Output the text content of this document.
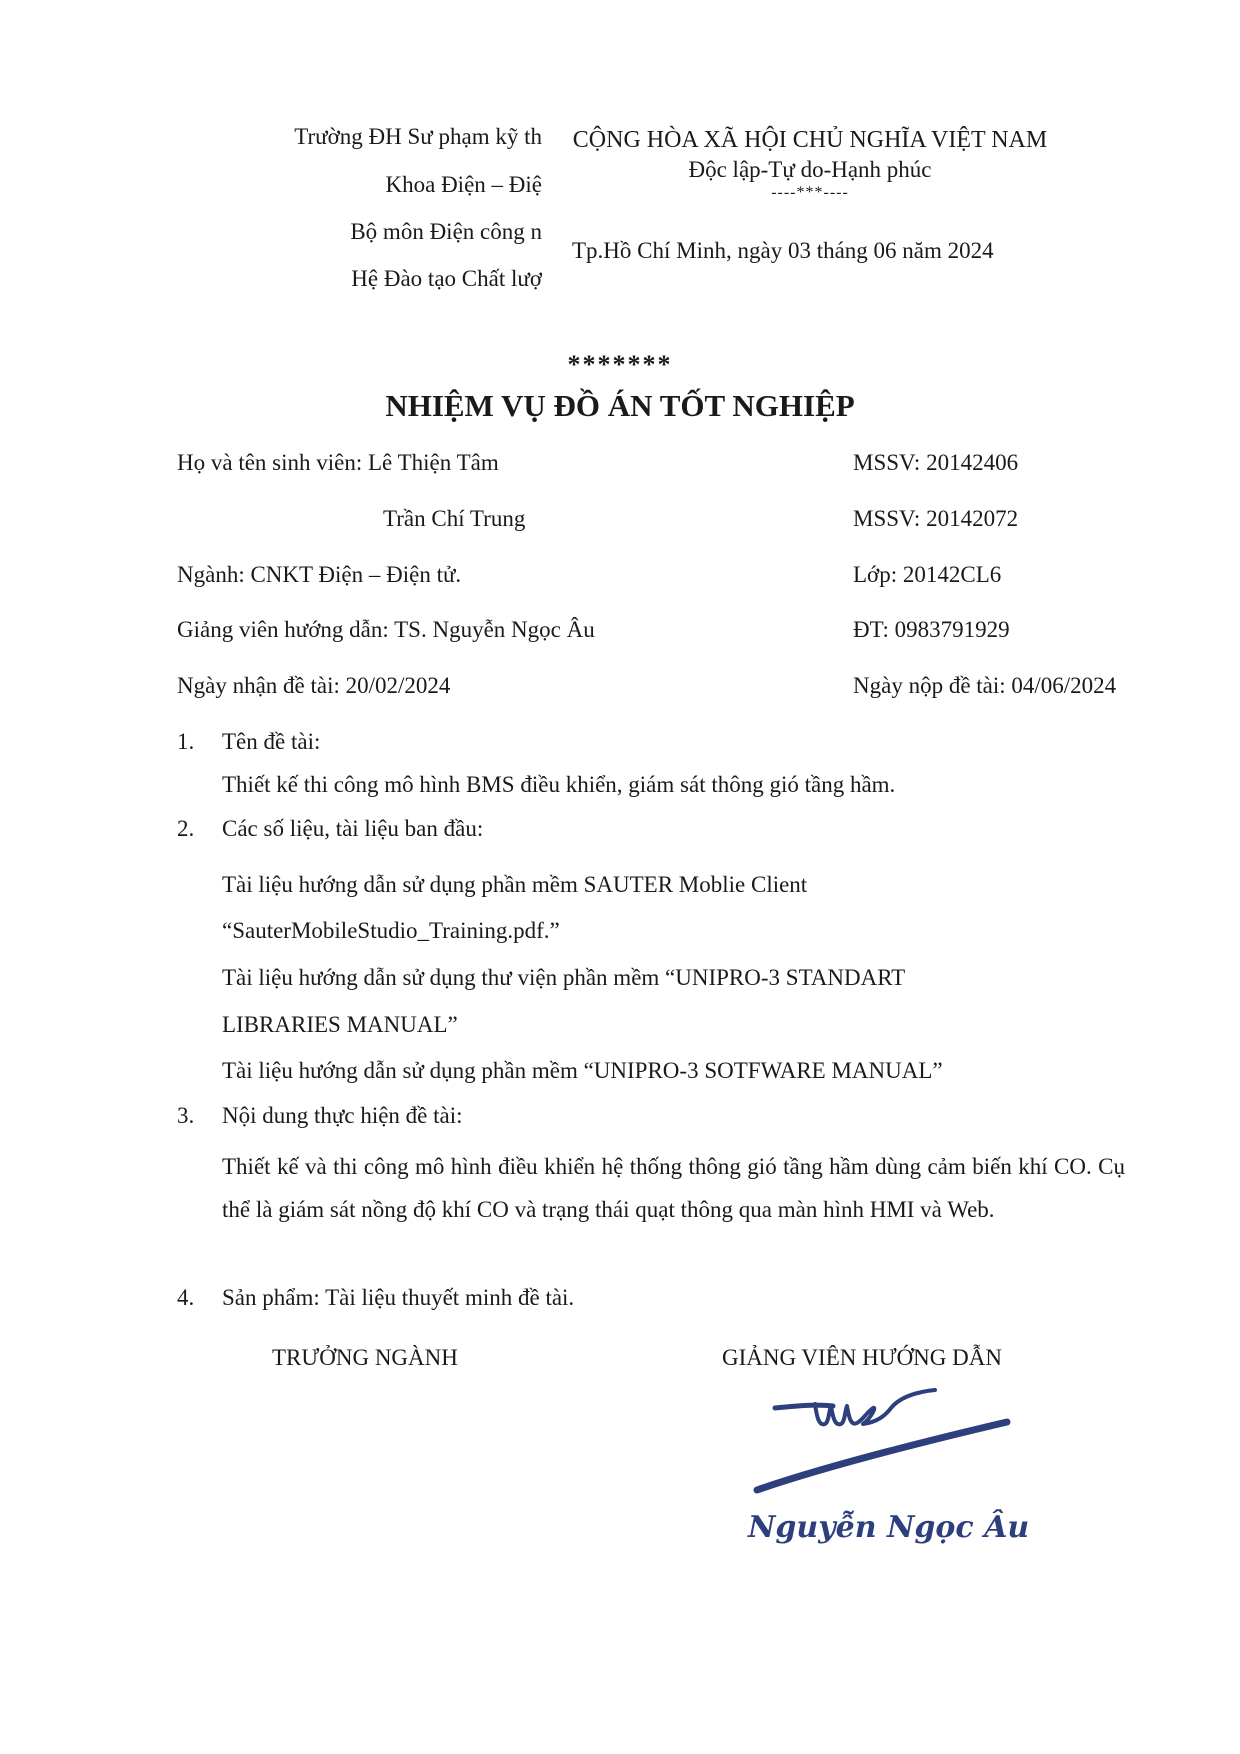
Trường ĐH Sư phạm kỹ th
Khoa Điện – Điệ
Bộ môn Điện công n
Hệ Đào tạo Chất lượ
CỘNG HÒA XÃ HỘI CHỦ NGHĨA VIỆT NAM
Độc lập-Tự do-Hạnh phúc
----***----
Tp.Hồ Chí Minh, ngày 03 tháng 06 năm 2024
*******
NHIỆM VỤ ĐỒ ÁN TỐT NGHIỆP
Họ và tên sinh viên: Lê Thiện Tâm	MSSV: 20142406
Trần Chí Trung	MSSV: 20142072
Ngành: CNKT Điện – Điện tử.	Lớp: 20142CL6
Giảng viên hướng dẫn: TS. Nguyễn Ngọc Âu	ĐT: 0983791929
Ngày nhận đề tài: 20/02/2024	Ngày nộp đề tài: 04/06/2024
1. Tên đề tài:
Thiết kế thi công mô hình BMS điều khiển, giám sát thông gió tầng hầm.
2. Các số liệu, tài liệu ban đầu:
Tài liệu hướng dẫn sử dụng phần mềm SAUTER Moblie Client
“SauterMobileStudio_Training.pdf.”
Tài liệu hướng dẫn sử dụng thư viện phần mềm “UNIPRO-3 STANDART
LIBRARIES MANUAL”
Tài liệu hướng dẫn sử dụng phần mềm “UNIPRO-3 SOTFWARE MANUAL”
3. Nội dung thực hiện đề tài:
Thiết kế và thi công mô hình điều khiển hệ thống thông gió tầng hầm dùng cảm biến khí CO. Cụ thể là giám sát nồng độ khí CO và trạng thái quạt thông qua màn hình HMI và Web.
4. Sản phẩm: Tài liệu thuyết minh đề tài.
TRƯỞNG NGÀNH	GIẢNG VIÊN HƯỚNG DẪN
Nguyễn Ngọc Âu
